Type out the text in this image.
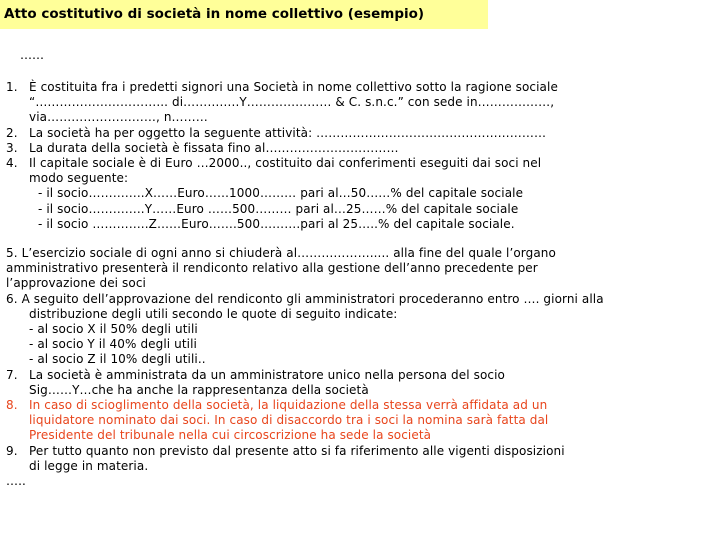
Atto costitutivo di società in nome collettivo (esempio)
……
1. È costituita fra i predetti signori una Società in nome collettivo sotto la ragione sociale
“…………………………... di…………..Y………………… & C. s.n.c.” con sede in………………,
via………………………, n………
2. La società ha per oggetto la seguente attività: …………………………………………………
3. La durata della società è fissata fino al……………………………
4. Il capitale sociale è di Euro …2000.., costituito dai conferimenti eseguiti dai soci nel
modo seguente:
- il socio…………..X……Euro……1000……… pari al…50……% del capitale sociale
- il socio…………..Y……Euro ……500……… pari al…25……% del capitale sociale
- il socio …………..Z……Euro…….500……….pari al 25…..% del capitale sociale.
5. L’esercizio sociale di ogni anno si chiuderà al………………..... alla fine del quale l’organo
amministrativo presenterà il rendiconto relativo alla gestione dell’anno precedente per
l’approvazione dei soci
6. A seguito dell’approvazione del rendiconto gli amministratori procederanno entro …. giorni alla
distribuzione degli utili secondo le quote di seguito indicate:
- al socio X il 50% degli utili
- al socio Y il 40% degli utili
- al socio Z il 10% degli utili..
7. La società è amministrata da un amministratore unico nella persona del socio
Sig……Y…che ha anche la rappresentanza della società
8. In caso di scioglimento della società, la liquidazione della stessa verrà affidata ad un
liquidatore nominato dai soci. In caso di disaccordo tra i soci la nomina sarà fatta dal
Presidente del tribunale nella cui circoscrizione ha sede la società
9. Per tutto quanto non previsto dal presente atto si fa riferimento alle vigenti disposizioni
di legge in materia.
…..
